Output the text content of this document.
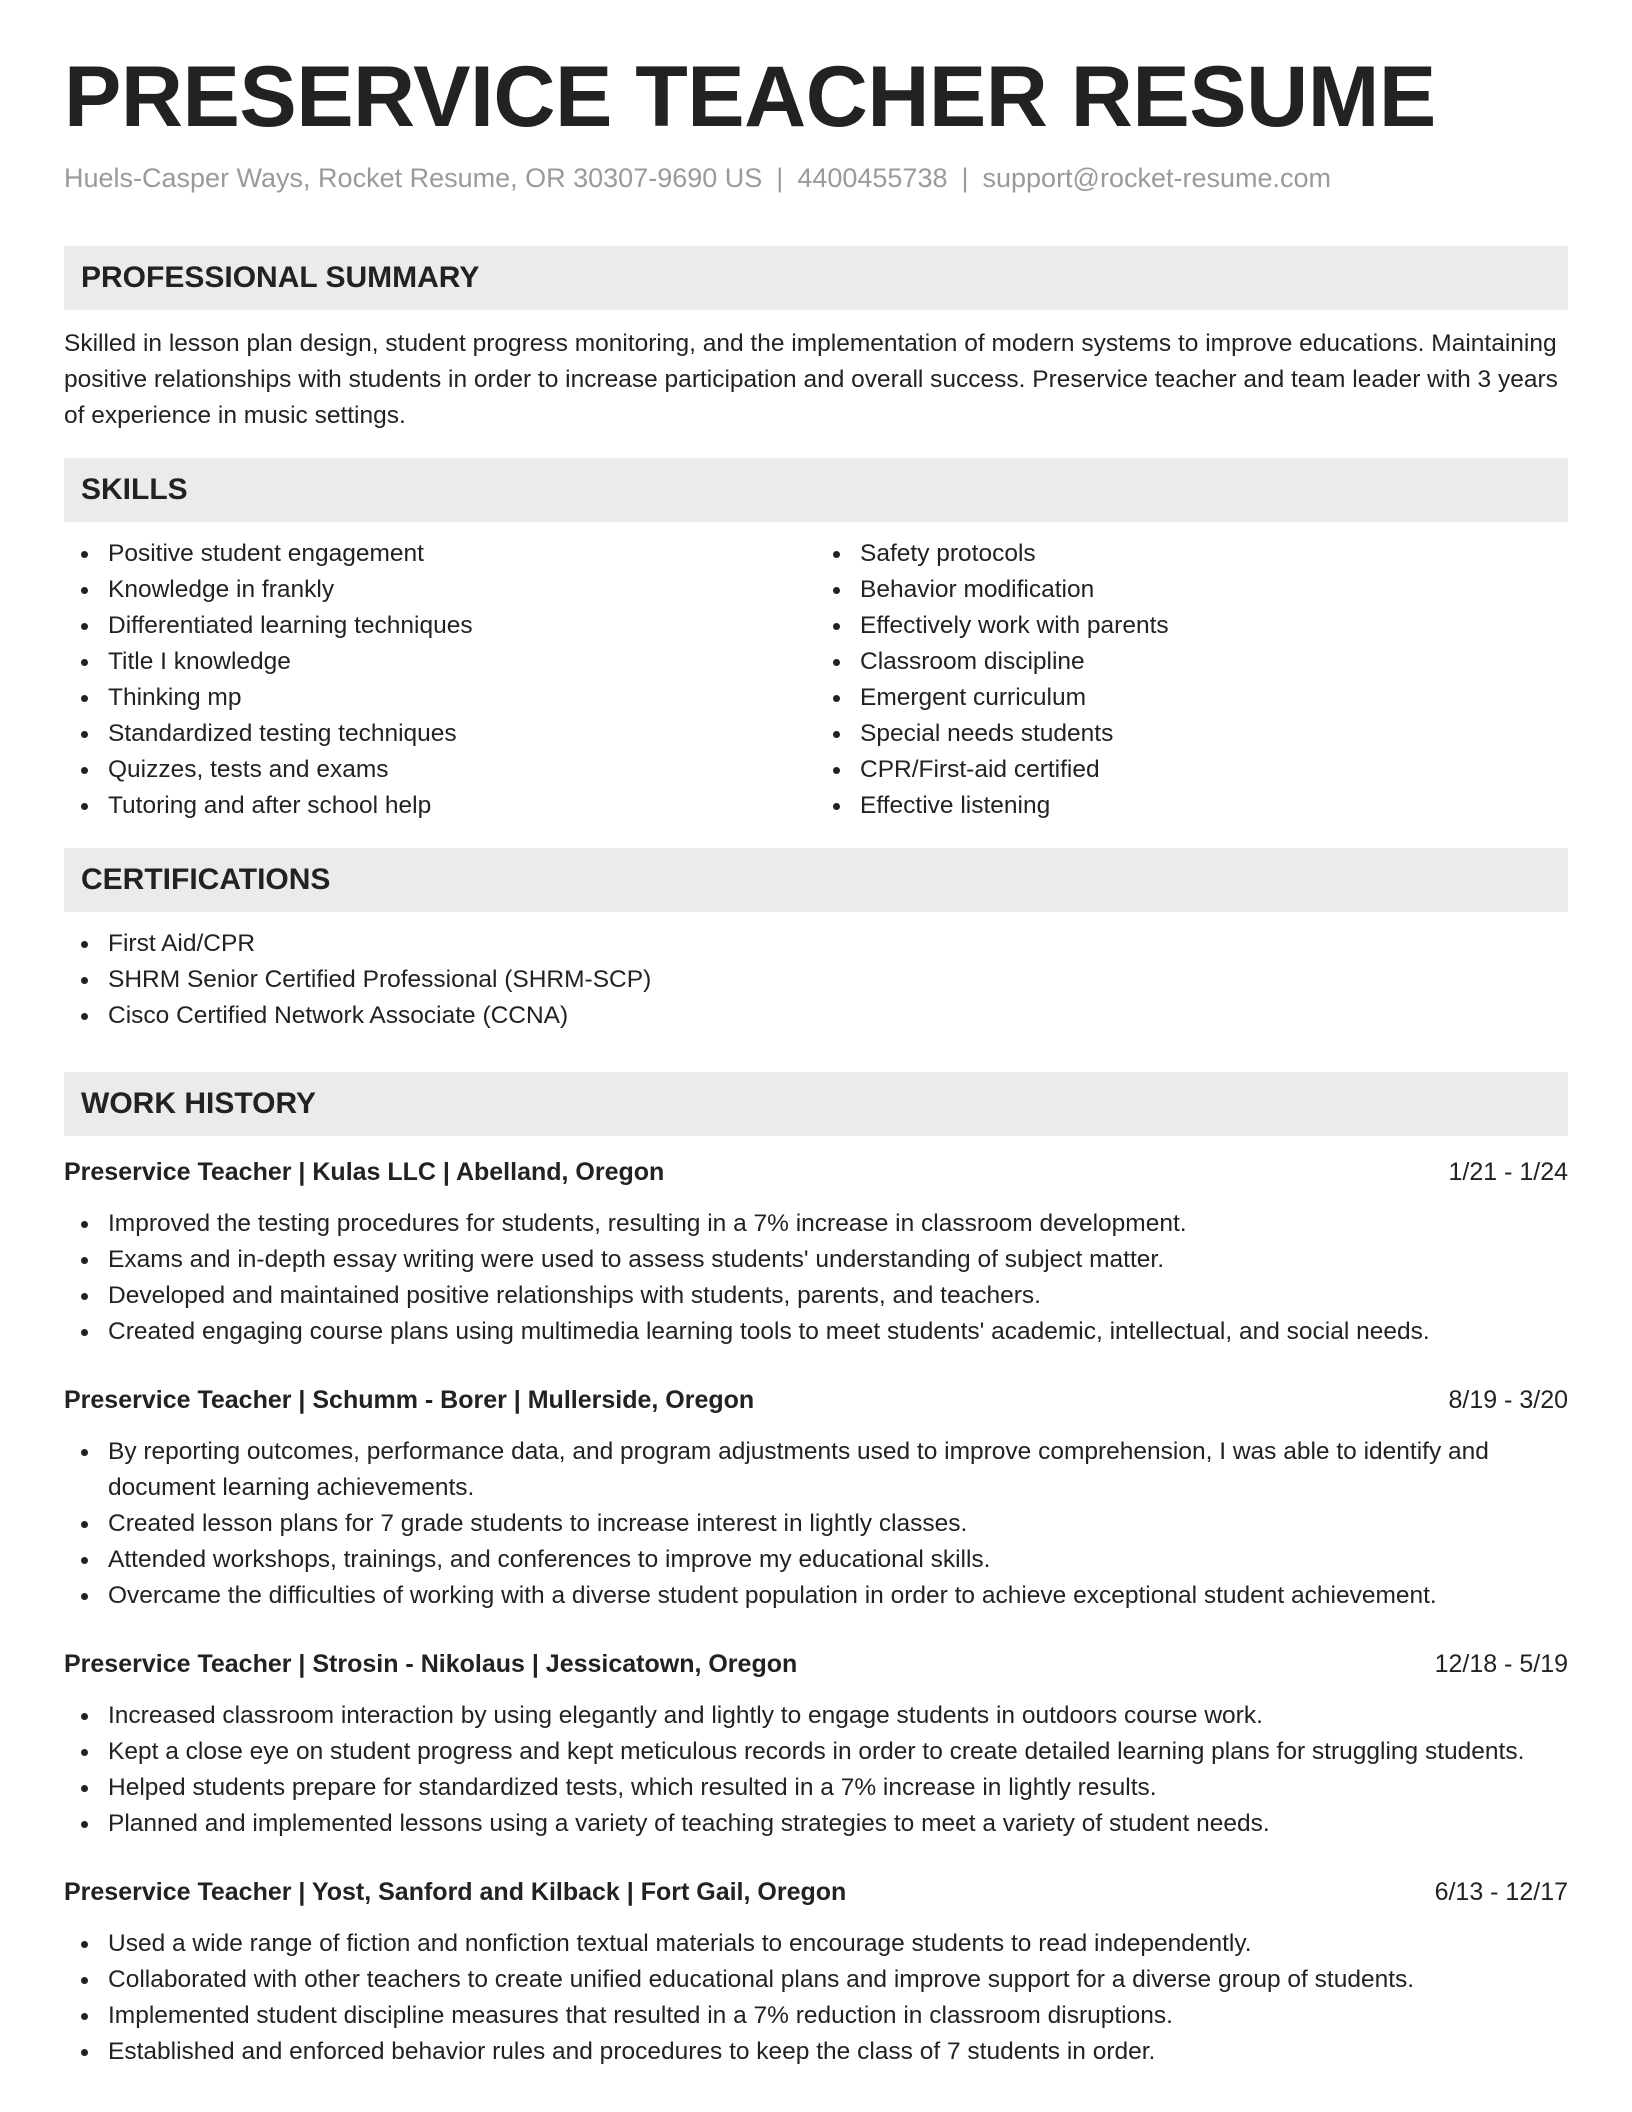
PRESERVICE TEACHER RESUME
Huels-Casper Ways, Rocket Resume, OR 30307-9690 US | 4400455738 | support@rocket-resume.com
PROFESSIONAL SUMMARY

Skilled in lesson plan design, student progress monitoring, and the implementation of modern systems to improve educations. Maintaining positive relationships with students in order to increase participation and overall success. Preservice teacher and team leader with 3 years of experience in music settings.

SKILLS
Positive student engagement
Knowledge in frankly
Differentiated learning techniques
Title I knowledge
Thinking mp
Standardized testing techniques
Quizzes, tests and exams
Tutoring and after school help
Safety protocols
Behavior modification
Effectively work with parents
Classroom discipline
Emergent curriculum
Special needs students
CPR/First-aid certified
Effective listening
CERTIFICATIONS
First Aid/CPR
SHRM Senior Certified Professional (SHRM-SCP)
Cisco Certified Network Associate (CCNA)
WORK HISTORY
Preservice Teacher | Kulas LLC | Abelland, Oregon	1/21 - 1/24
Improved the testing procedures for students, resulting in a 7% increase in classroom development.
Exams and in-depth essay writing were used to assess students' understanding of subject matter.
Developed and maintained positive relationships with students, parents, and teachers.
Created engaging course plans using multimedia learning tools to meet students' academic, intellectual, and social needs.
Preservice Teacher | Schumm - Borer | Mullerside, Oregon	8/19 - 3/20
By reporting outcomes, performance data, and program adjustments used to improve comprehension, I was able to identify and document learning achievements.
Created lesson plans for 7 grade students to increase interest in lightly classes.
Attended workshops, trainings, and conferences to improve my educational skills.
Overcame the difficulties of working with a diverse student population in order to achieve exceptional student achievement.
Preservice Teacher | Strosin - Nikolaus | Jessicatown, Oregon	12/18 - 5/19
Increased classroom interaction by using elegantly and lightly to engage students in outdoors course work.
Kept a close eye on student progress and kept meticulous records in order to create detailed learning plans for struggling students.
Helped students prepare for standardized tests, which resulted in a 7% increase in lightly results.
Planned and implemented lessons using a variety of teaching strategies to meet a variety of student needs.
Preservice Teacher | Yost, Sanford and Kilback | Fort Gail, Oregon	6/13 - 12/17
Used a wide range of fiction and nonfiction textual materials to encourage students to read independently.
Collaborated with other teachers to create unified educational plans and improve support for a diverse group of students.
Implemented student discipline measures that resulted in a 7% reduction in classroom disruptions.
Established and enforced behavior rules and procedures to keep the class of 7 students in order.
